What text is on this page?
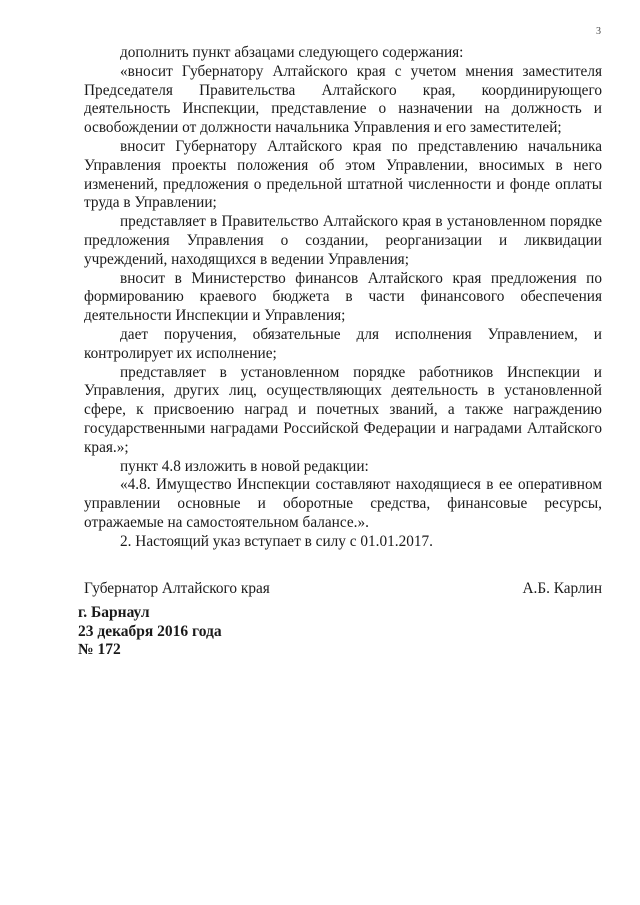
3

дополнить пункт абзацами следующего содержания:

«вносит Губернатору Алтайского края с учетом мнения заместителя Председателя Правительства Алтайского края, координирующего деятельность Инспекции, представление о назначении на должность и освобождении от должности начальника Управления и его заместителей;

вносит Губернатору Алтайского края по представлению начальника Управления проекты положения об этом Управлении, вносимых в него изменений, предложения о предельной штатной численности и фонде оплаты труда в Управлении;

представляет в Правительство Алтайского края в установленном порядке предложения Управления о создании, реорганизации и ликвидации учреждений, находящихся в ведении Управления;

вносит в Министерство финансов Алтайского края предложения по формированию краевого бюджета в части финансового обеспечения деятельности Инспекции и Управления;

дает поручения, обязательные для исполнения Управлением, и контролирует их исполнение;

представляет в установленном порядке работников Инспекции и Управления, других лиц, осуществляющих деятельность в установленной сфере, к присвоению наград и почетных званий, а также награждению государственными наградами Российской Федерации и наградами Алтайского края.»;

пункт 4.8 изложить в новой редакции:

«4.8. Имущество Инспекции составляют находящиеся в ее оперативном управлении основные и оборотные средства, финансовые ресурсы, отражаемые на самостоятельном балансе.».

2. Настоящий указ вступает в силу с 01.01.2017.

Губернатор Алтайского края	А.Б. Карлин
г. Барнаул
23 декабря 2016 года
№ 172
